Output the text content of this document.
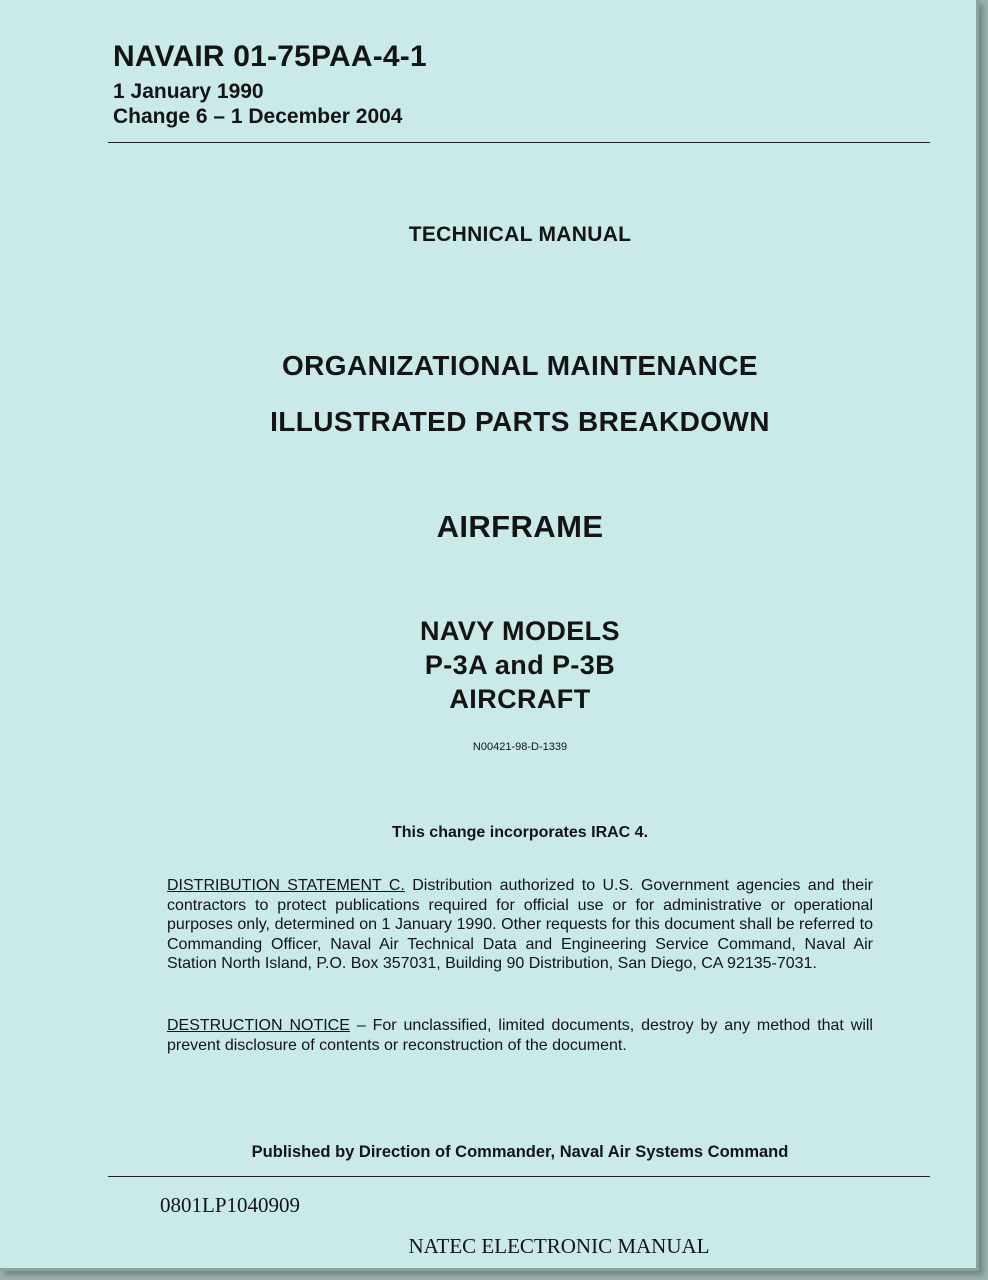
NAVAIR 01-75PAA-4-1
1 January 1990
Change 6 – 1 December 2004
TECHNICAL MANUAL
ORGANIZATIONAL MAINTENANCE
ILLUSTRATED PARTS BREAKDOWN
AIRFRAME
NAVY MODELS
P-3A and P-3B
AIRCRAFT
N00421-98-D-1339
This change incorporates IRAC 4.

DISTRIBUTION STATEMENT C. Distribution authorized to U.S. Government agencies and their contractors to protect publications required for official use or for administrative or operational purposes only, determined on 1 January 1990. Other requests for this document shall be referred to Commanding Officer, Naval Air Technical Data and Engineering Service Command, Naval Air Station North Island, P.O. Box 357031, Building 90 Distribution, San Diego, CA 92135-7031.

DESTRUCTION NOTICE – For unclassified, limited documents, destroy by any method that will prevent disclosure of contents or reconstruction of the document.

Published by Direction of Commander, Naval Air Systems Command
0801LP1040909
NATEC ELECTRONIC MANUAL
